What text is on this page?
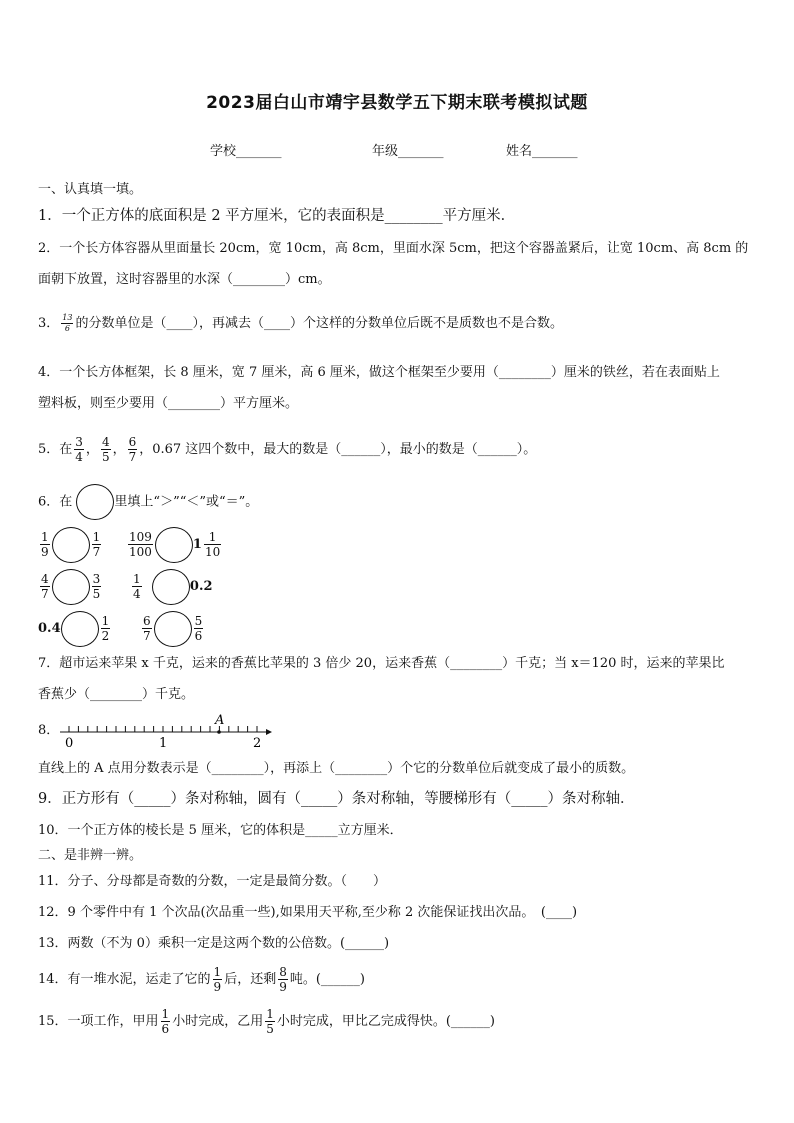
2023届白山市靖宇县数学五下期末联考模拟试题
学校_______	年级_______	姓名_______
一、认真填一填。
1．一个正方体的底面积是 2 平方厘米，它的表面积是________平方厘米．
2．一个长方体容器从里面量长 20cm，宽 10cm，高 8cm，里面水深 5cm，把这个容器盖紧后，让宽 10cm、高 8cm 的
面朝下放置，这时容器里的水深（________）cm。
3． $\frac{13}{6}$ 的分数单位是（____），再减去（____）个这样的分数单位后既不是质数也不是合数。
4．一个长方体框架，长 8 厘米，宽 7 厘米，高 6 厘米，做这个框架至少要用（________）厘米的铁丝，若在表面贴上
塑料板，则至少要用（________）平方厘米。
5．在 $\frac{3}{4}$ ， $\frac{4}{5}$ ， $\frac{6}{7}$ ，0.67 这四个数中，最大的数是（______），最小的数是（______）。
6．在	里填上“＞”“＜”或“＝”。
$\frac{1}{9}$	$\frac{1}{7} \frac{109}{100}$	$1 \frac{1}{10}$
$\frac{4}{7}$	$\frac{3}{5}$	$\frac{1}{4}$	0.2
0.4	$\frac{1}{2}$	$\frac{6}{7}$	$\frac{5}{6}$
7．超市运来苹果 x 千克，运来的香蕉比苹果的 3 倍少 20，运来香蕉（________）千克；当 x＝120 时，运来的苹果比
香蕉少（________）千克。
8．
A
0	1	2
直线上的 A 点用分数表示是（________），再添上（________）个它的分数单位后就变成了最小的质数。
9．正方形有（_____）条对称轴，圆有（_____）条对称轴，等腰梯形有（_____）条对称轴．
10．一个正方体的棱长是 5 厘米，它的体积是_____立方厘米．
二、是非辨一辨。
11．分子、分母都是奇数的分数，一定是最简分数。（　　）
12．9 个零件中有 1 个次品(次品重一些),如果用天平称,至少称 2 次能保证找出次品。　(____)
13．两数（不为 0）乘积一定是这两个数的公倍数。(______)
14．有一堆水泥，运走了它的 $\frac{1}{9}$ 后，还剩 $\frac{8}{9}$ 吨。(______)
15．一项工作，甲用 $\frac{1}{6}$ 小时完成，乙用 $\frac{1}{5}$ 小时完成，甲比乙完成得快。(______)
